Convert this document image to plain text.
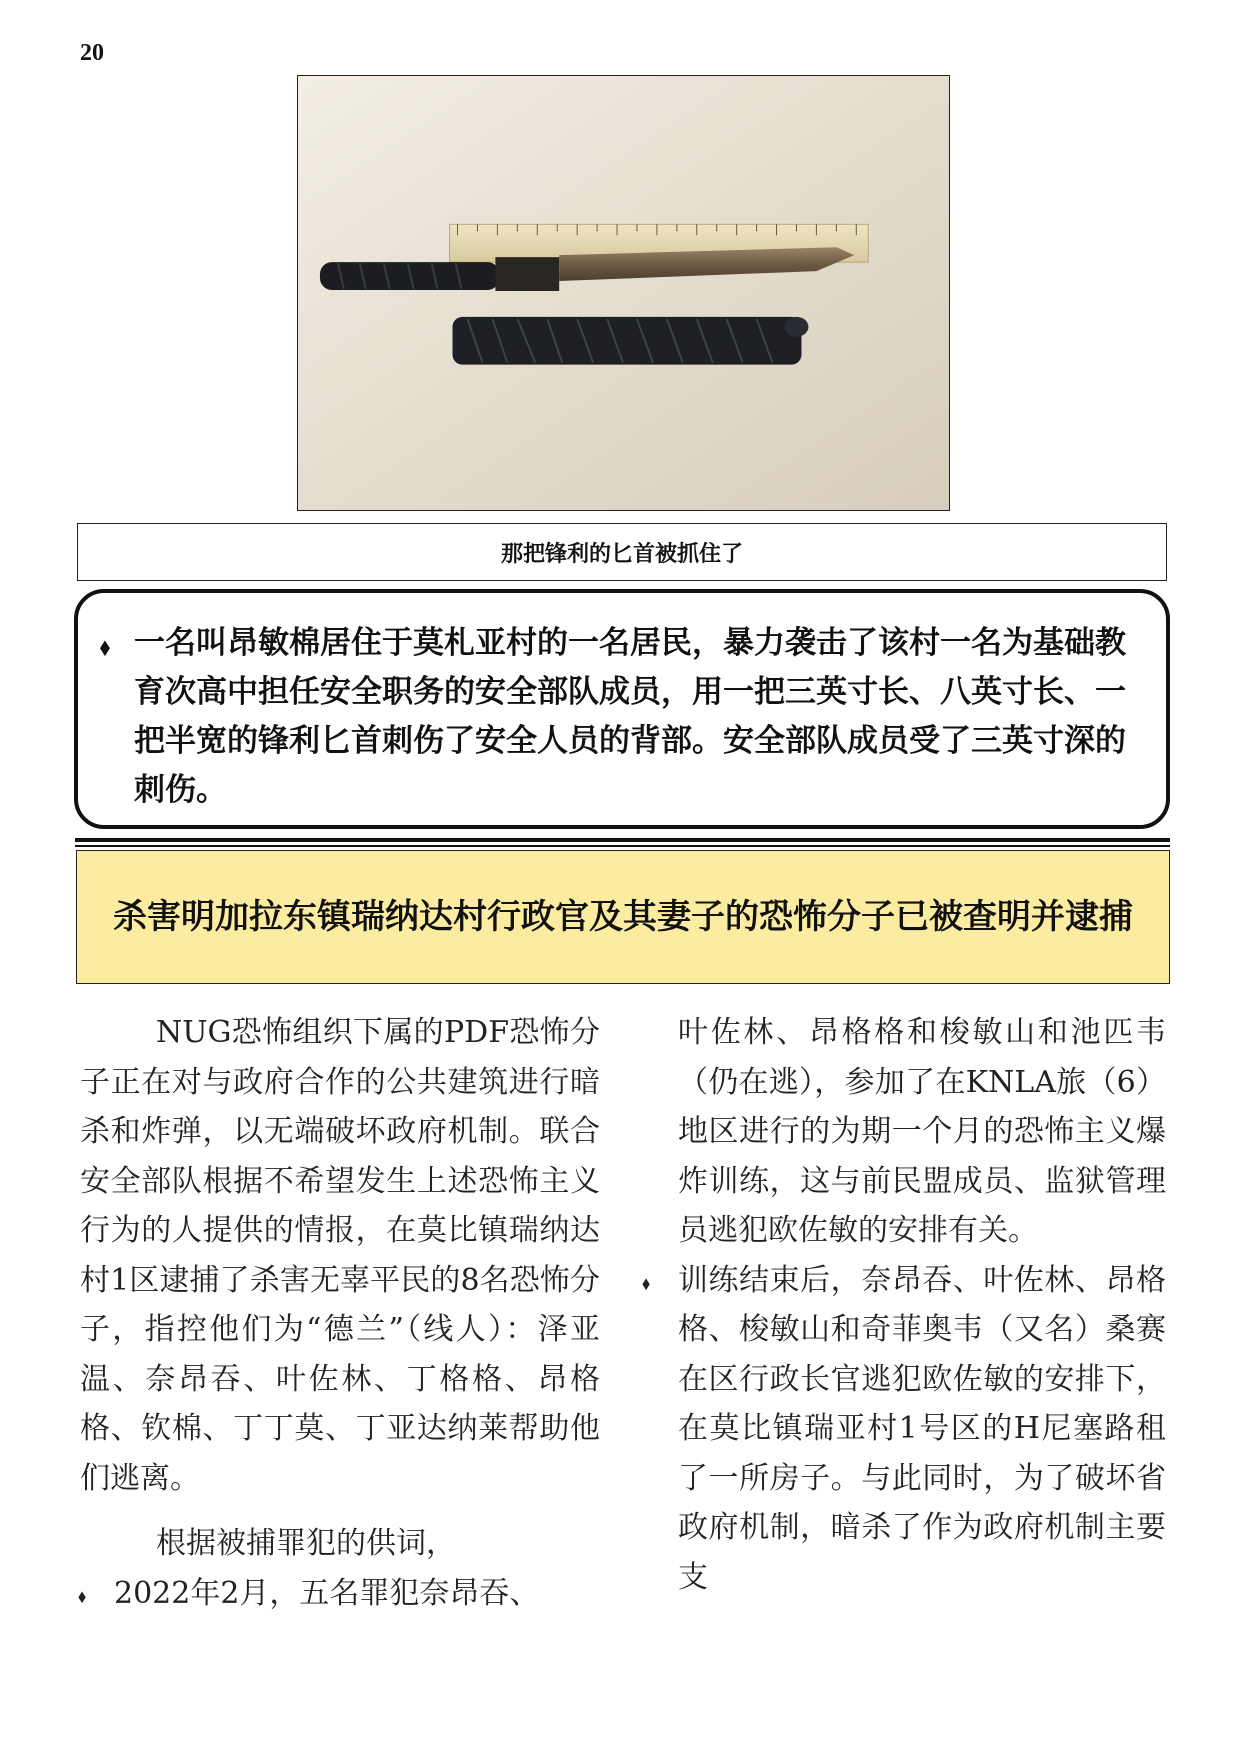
20
那把锋利的匕首被抓住了
⬧ 一名叫昂敏棉居住于莫札亚村的一名居民，暴力袭击了该村一名为基础教育次高中担任安全职务的安全部队成员，用一把三英寸长、八英寸长、一把半宽的锋利匕首刺伤了安全人员的背部。安全部队成员受了三英寸深的刺伤。
杀害明加拉东镇瑞纳达村行政官及其妻子的恐怖分子已被查明并逮捕

NUG恐怖组织下属的PDF恐怖分子正在对与政府合作的公共建筑进行暗杀和炸弹，以无端破坏政府机制。联合安全部队根据不希望发生上述恐怖主义行为的人提供的情报，在莫比镇瑞纳达村1区逮捕了杀害无辜平民的8名恐怖分子，指控他们为“德兰”（线人）：泽亚温、奈昂吞、叶佐林、丁格格、昂格格、钦棉、丁丁莫、丁亚达纳莱帮助他们逃离。

根据被捕罪犯的供词，

⬧ 2022年2月，五名罪犯奈昂吞、

叶佐林、昂格格和梭敏山和池匹韦（仍在逃），参加了在KNLA旅（6）地区进行的为期一个月的恐怖主义爆炸训练，这与前民盟成员、监狱管理员逃犯欧佐敏的安排有关。

⬧ 训练结束后，奈昂吞、叶佐林、昂格格、梭敏山和奇菲奥韦（又名）桑赛在区行政长官逃犯欧佐敏的安排下，在莫比镇瑞亚村1号区的H尼塞路租了一所房子。与此同时，为了破坏省政府机制，暗杀了作为政府机制主要支
